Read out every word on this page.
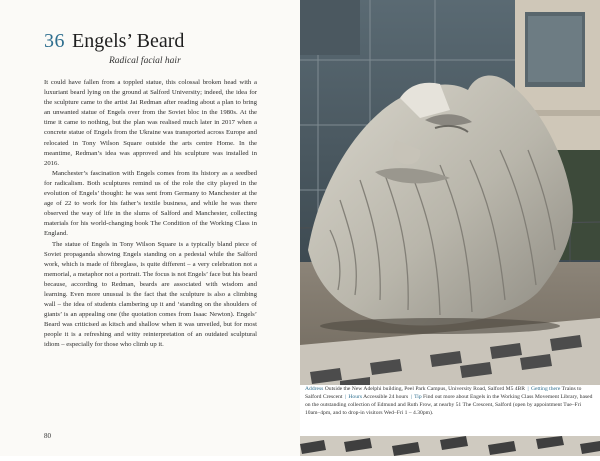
36 Engels’ Beard
Radical facial hair

It could have fallen from a toppled statue, this colossal broken head with a luxuriant beard lying on the ground at Salford University; indeed, the idea for the sculpture came to the artist Jai Redman after reading about a plan to bring an unwanted statue of Engels over from the Soviet bloc in the 1980s. At the time it came to nothing, but the plan was realised much later in 2017 when a concrete statue of Engels from the Ukraine was transported across Europe and relocated in Tony Wilson Square outside the arts centre Home. In the meantime, Redman’s idea was approved and his sculpture was installed in 2016.

Manchester’s fascination with Engels comes from its history as a seedbed for radicalism. Both sculptures remind us of the role the city played in the evolution of Engels’ thought: he was sent from Germany to Manchester at the age of 22 to work for his father’s textile business, and while he was there observed the way of life in the slums of Salford and Manchester, collecting materials for his world-changing book The Condition of the Working Class in England.

The statue of Engels in Tony Wilson Square is a typically bland piece of Soviet propaganda showing Engels standing on a pedestal while the Salford work, which is made of fibreglass, is quite different – a very celebration not a memorial, a metaphor not a portrait. The focus is not Engels’ face but his beard because, according to Redman, beards are associated with wisdom and learning. Even more unusual is the fact that the sculpture is also a climbing wall – the idea of students clambering up it and ‘standing on the shoulders of giants’ is an appealing one (the quotation comes from Isaac Newton). Engels’ Beard was criticised as kitsch and shallow when it was unveiled, but for most people it is a refreshing and witty reinterpretation of an outdated sculptural idiom – especially for those who climb up it.

80
Address Outside the New Adelphi building, Peel Park Campus, University Road, Salford M5 4BR | Getting there Trains to Salford Crescent | Hours Accessible 24 hours | Tip Find out more about Engels in the Working Class Movement Library, based on the outstanding collection of Edmund and Ruth Frow, at nearby 51 The Crescent, Salford (open by appointment Tue–Fri 10am–4pm, and to drop-in visitors Wed–Fri 1 – 4.30pm).
